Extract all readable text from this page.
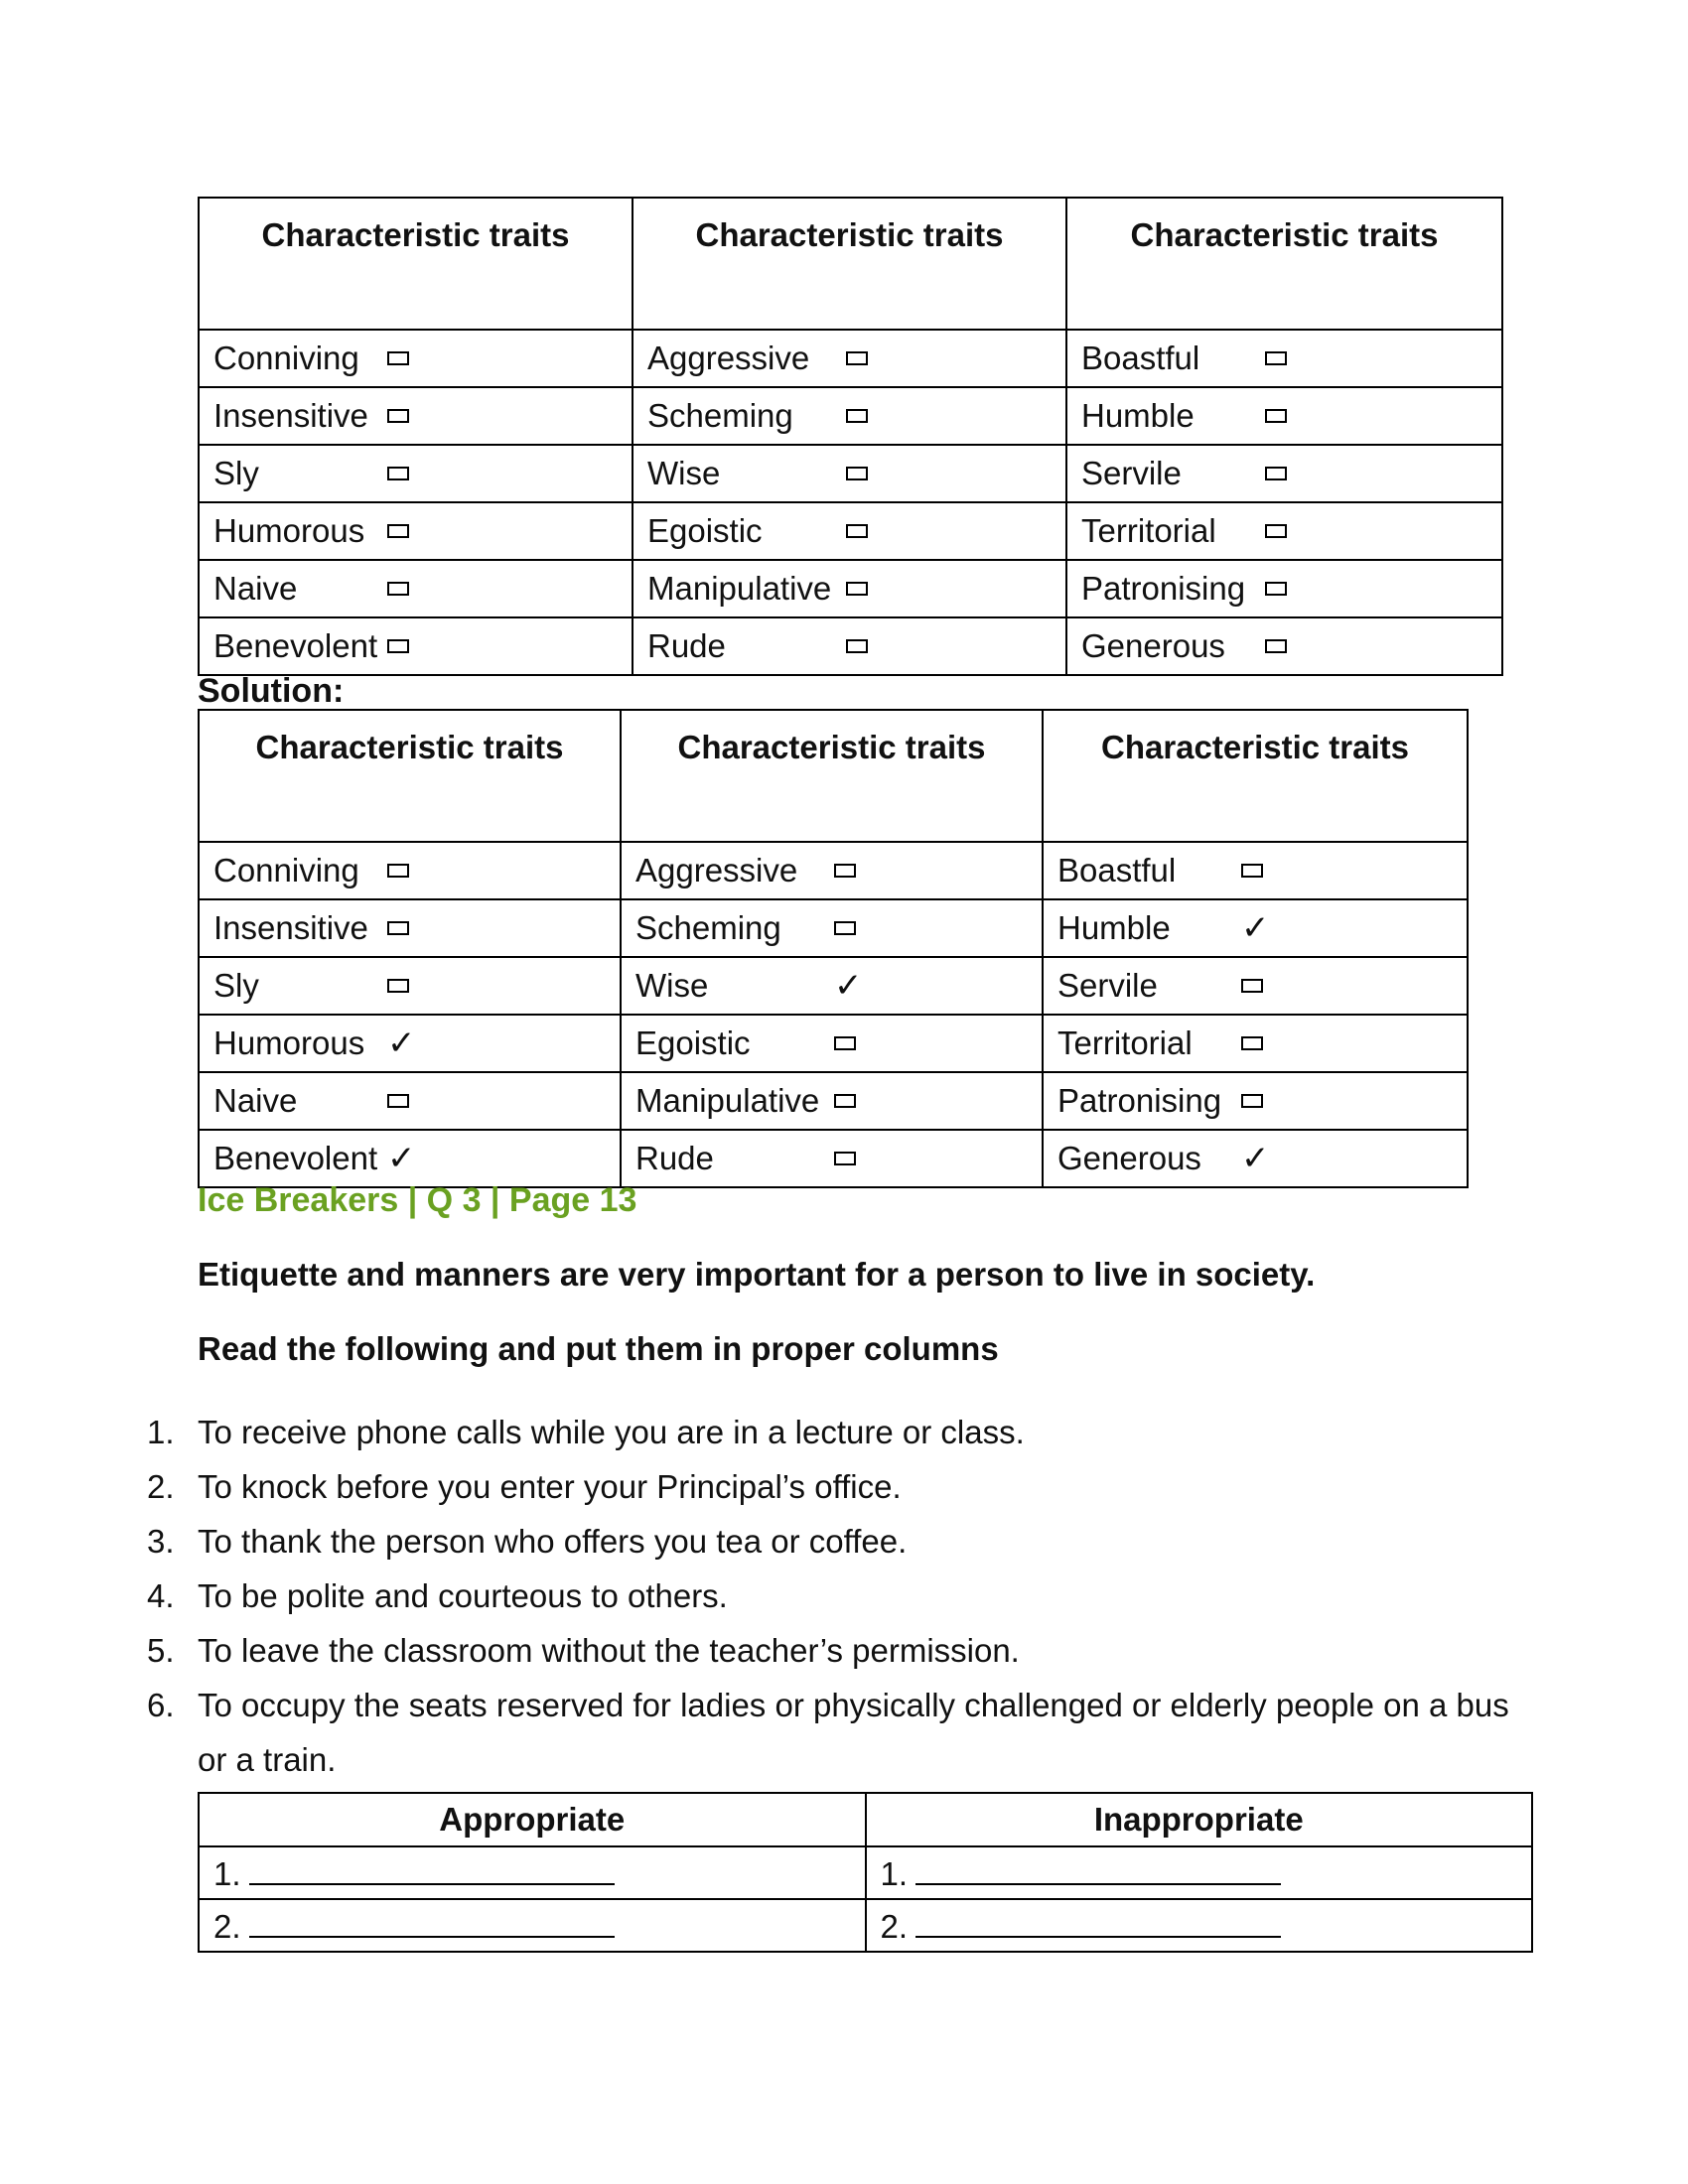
Characteristic traits	Characteristic traits	Characteristic traits

Conniving	Aggressive	Boastful

Insensitive	Scheming	Humble

Sly	Wise	Servile

Humorous	Egoistic	Territorial

Naive	Manipulative	Patronising

Benevolent	Rude	Generous
Solution:
Characteristic traits	Characteristic traits	Characteristic traits

Conniving	Aggressive	Boastful

Insensitive	Scheming	Humble ✓

Sly	Wise ✓	Servile

Humorous ✓	Egoistic	Territorial

Naive	Manipulative	Patronising

Benevolent ✓	Rude	Generous ✓
Ice Breakers | Q 3 | Page 13
Etiquette and manners are very important for a person to live in society.
Read the following and put them in proper columns
1. To receive phone calls while you are in a lecture or class.
2. To knock before you enter your Principal’s office.
3. To thank the person who offers you tea or coffee.
4. To be polite and courteous to others.
5. To leave the classroom without the teacher’s permission.
6. To occupy the seats reserved for ladies or physically challenged or elderly people on a bus or a train.
Appropriate	Inappropriate
1.	1.
2.	2.
